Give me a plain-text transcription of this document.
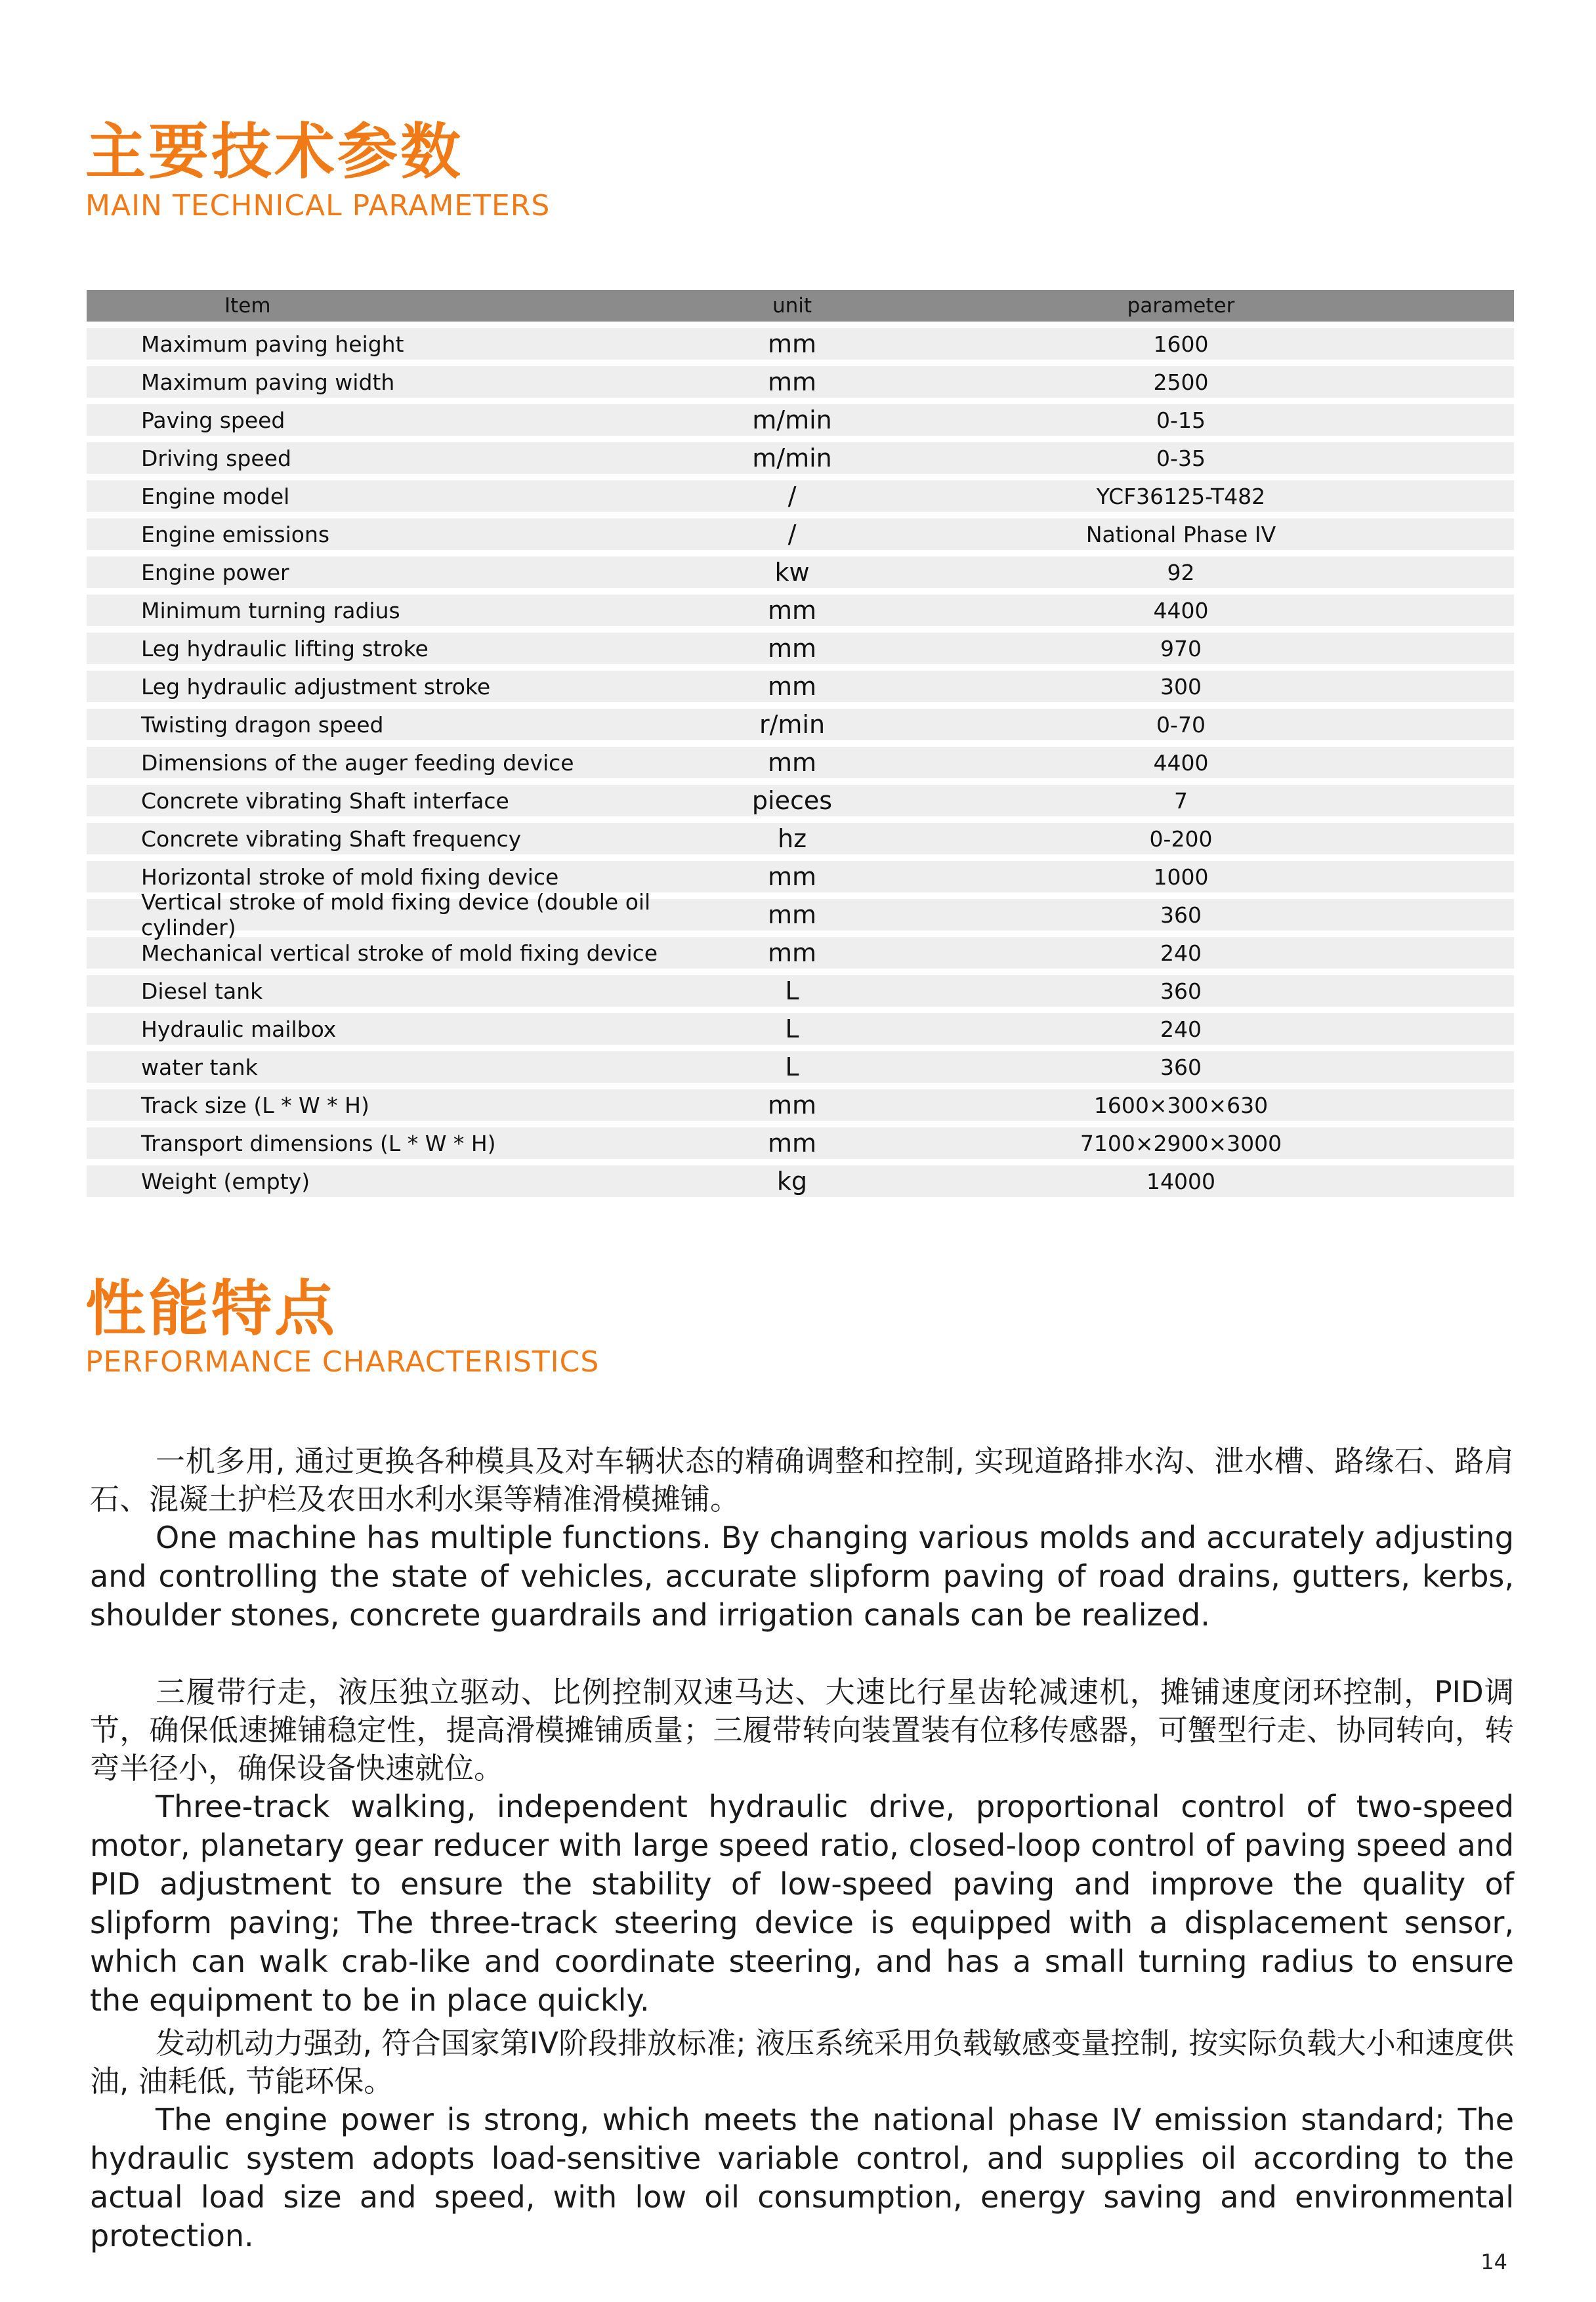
主要技术参数
MAIN TECHNICAL PARAMETERS
Item	unit	parameter
Maximum paving height	mm	1600
Maximum paving width	mm	2500
Paving speed	m/min	0-15
Driving speed	m/min	0-35
Engine model	/	YCF36125-T482
Engine emissions	/	National Phase IV
Engine power	kw	92
Minimum turning radius	mm	4400
Leg hydraulic lifting stroke	mm	970
Leg hydraulic adjustment stroke	mm	300
Twisting dragon speed	r/min	0-70
Dimensions of the auger feeding device	mm	4400
Concrete vibrating Shaft interface	pieces	7
Concrete vibrating Shaft frequency	hz	0-200
Horizontal stroke of mold fixing device	mm	1000
Vertical stroke of mold fixing device (double oil cylinder)	mm	360
Mechanical vertical stroke of mold fixing device	mm	240
Diesel tank	L	360
Hydraulic mailbox	L	240
water tank	L	360
Track size (L * W * H)	mm	1600×300×630
Transport dimensions (L * W * H)	mm	7100×2900×3000
Weight (empty)	kg	14000
性能特点
PERFORMANCE CHARACTERISTICS

一机多用, 通过更换各种模具及对车辆状态的精确调整和控制, 实现道路排水沟、泄水槽、路缘石、路肩石、混凝土护栏及农田水利水渠等精准滑模摊铺。

One machine has multiple functions. By changing various molds and accurately adjusting and controlling the state of vehicles, accurate slipform paving of road drains, gutters, kerbs, shoulder stones, concrete guardrails and irrigation canals can be realized.

三履带行走，液压独立驱动、比例控制双速马达、大速比行星齿轮减速机，摊铺速度闭环控制，PID调节，确保低速摊铺稳定性，提高滑模摊铺质量；三履带转向装置装有位移传感器，可蟹型行走、协同转向，转弯半径小，确保设备快速就位。

Three-track walking, independent hydraulic drive, proportional control of two-speed motor, planetary gear reducer with large speed ratio, closed-loop control of paving speed and PID adjustment to ensure the stability of low-speed paving and improve the quality of slipform paving; The three-track steering device is equipped with a displacement sensor, which can walk crab-like and coordinate steering, and has a small turning radius to ensure the equipment to be in place quickly.

发动机动力强劲, 符合国家第IV阶段排放标准; 液压系统采用负载敏感变量控制, 按实际负载大小和速度供油, 油耗低, 节能环保。

The engine power is strong, which meets the national phase IV emission standard; The hydraulic system adopts load-sensitive variable control, and supplies oil according to the actual load size and speed, with low oil consumption, energy saving and environmental protection.

14
